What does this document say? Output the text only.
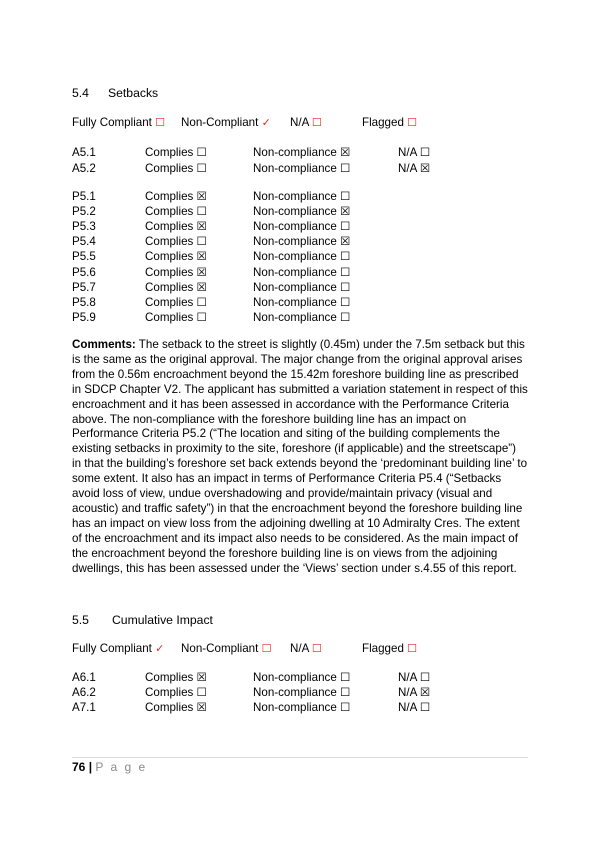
5.4 Setbacks
Fully Compliant ☐ Non-Compliant ✓ N/A ☐	Flagged ☐
A5.1	Complies ☐	Non-compliance ☒	N/A ☐
A5.2	Complies ☐	Non-compliance ☐	N/A ☒
P5.1	Complies ☒	Non-compliance ☐
P5.2	Complies ☐	Non-compliance ☒
P5.3	Complies ☒	Non-compliance ☐
P5.4	Complies ☐	Non-compliance ☒
P5.5	Complies ☒	Non-compliance ☐
P5.6	Complies ☒	Non-compliance ☐
P5.7	Complies ☒	Non-compliance ☐
P5.8	Complies ☐	Non-compliance ☐
P5.9	Complies ☐	Non-compliance ☐
Comments: The setback to the street is slightly (0.45m) under the 7.5m setback but this is the same as the original approval. The major change from the original approval arises from the 0.56m encroachment beyond the 15.42m foreshore building line as prescribed in SDCP Chapter V2. The applicant has submitted a variation statement in respect of this encroachment and it has been assessed in accordance with the Performance Criteria above. The non-compliance with the foreshore building line has an impact on Performance Criteria P5.2 (“The location and siting of the building complements the existing setbacks in proximity to the site, foreshore (if applicable) and the streetscape”) in that the building’s foreshore set back extends beyond the ‘predominant building line’ to some extent. It also has an impact in terms of Performance Criteria P5.4 (“Setbacks avoid loss of view, undue overshadowing and provide/maintain privacy (visual and acoustic) and traffic safety”) in that the encroachment beyond the foreshore building line has an impact on view loss from the adjoining dwelling at 10 Admiralty Cres. The extent of the encroachment and its impact also needs to be considered. As the main impact of the encroachment beyond the foreshore building line is on views from the adjoining dwellings, this has been assessed under the ‘Views’ section under s.4.55 of this report.
5.5 Cumulative Impact
Fully Compliant ✓ Non-Compliant ☐ N/A ☐	Flagged ☐
A6.1	Complies ☒	Non-compliance ☐	N/A ☐
A6.2	Complies ☐	Non-compliance ☐	N/A ☒
A7.1	Complies ☒	Non-compliance ☐	N/A ☐
76 | P a g e
